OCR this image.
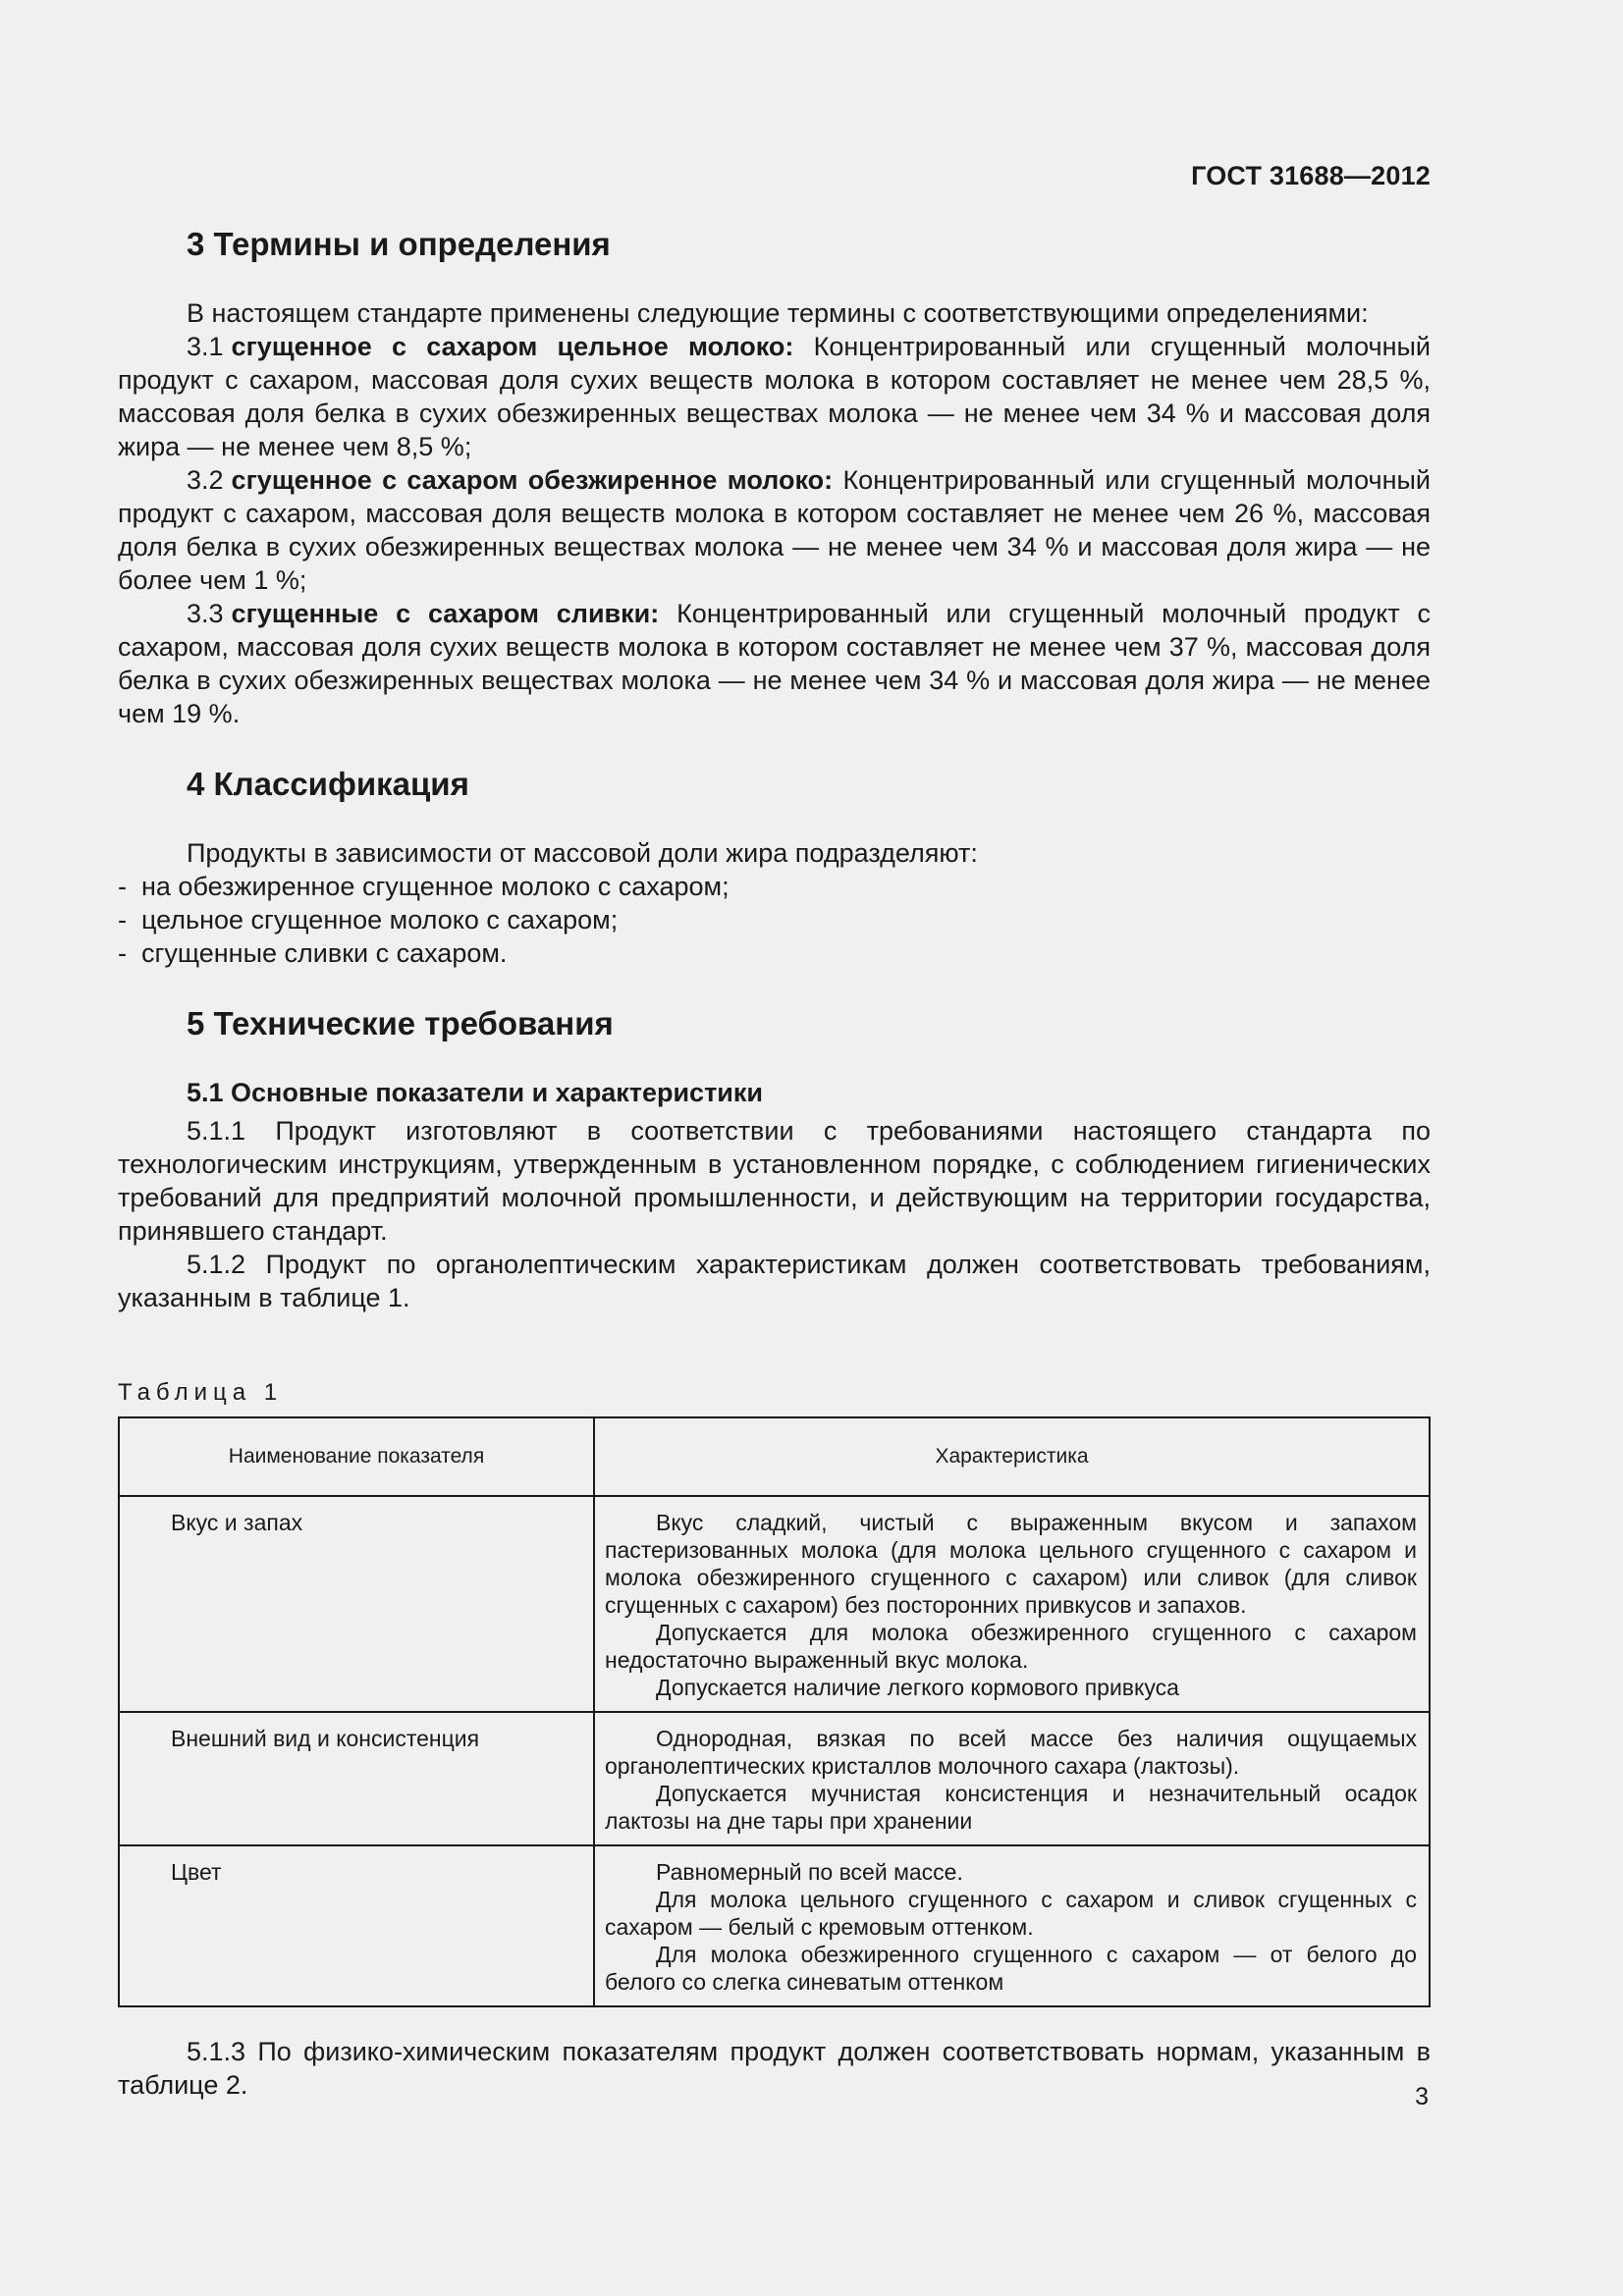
ГОСТ 31688—2012
3 Термины и определения

В настоящем стандарте применены следующие термины с соответствующими определениями:

3.1 сгущенное с сахаром цельное молоко: Концентрированный или сгущенный молочный продукт с сахаром, массовая доля сухих веществ молока в котором составляет не менее чем 28,5 %, массовая доля белка в сухих обезжиренных веществах молока — не менее чем 34 % и массовая доля жира — не менее чем 8,5 %;

3.2 сгущенное с сахаром обезжиренное молоко: Концентрированный или сгущенный молочный продукт с сахаром, массовая доля веществ молока в котором составляет не менее чем 26 %, массовая доля белка в сухих обезжиренных веществах молока — не менее чем 34 % и массовая доля жира — не более чем 1 %;

3.3 сгущенные с сахаром сливки: Концентрированный или сгущенный молочный продукт с сахаром, массовая доля сухих веществ молока в котором составляет не менее чем 37 %, массовая доля белка в сухих обезжиренных веществах молока — не менее чем 34 % и массовая доля жира — не менее чем 19 %.

4 Классификация

Продукты в зависимости от массовой доли жира подразделяют:

- на обезжиренное сгущенное молоко с сахаром;
- цельное сгущенное молоко с сахаром;
- сгущенные сливки с сахаром.
5 Технические требования
5.1 Основные показатели и характеристики

5.1.1 Продукт изготовляют в соответствии с требованиями настоящего стандарта по технологическим инструкциям, утвержденным в установленном порядке, с соблюдением гигиенических требований для предприятий молочной промышленности, и действующим на территории государства, принявшего стандарт.

5.1.2 Продукт по органолептическим характеристикам должен соответствовать требованиям, указанным в таблице 1.

Таблица 1
Наименование показателя	Характеристика
Вкус и запах	Вкус сладкий, чистый с выраженным вкусом и запахом пастеризованных молока (для молока цельного сгущенного с сахаром и молока обезжиренного сгущенного с сахаром) или сливок (для сливок сгущенных с сахаром) без посторонних привкусов и запахов.
Допускается для молока обезжиренного сгущенного с сахаром недостаточно выраженный вкус молока.
Допускается наличие легкого кормового привкуса

Внешний вид и консистенция	Однородная, вязкая по всей массе без наличия ощущаемых органолептических кристаллов молочного сахара (лактозы).
Допускается мучнистая консистенция и незначительный осадок лактозы на дне тары при хранении

Цвет	Равномерный по всей массе.
Для молока цельного сгущенного с сахаром и сливок сгущенных с сахаром — белый с кремовым оттенком.
Для молока обезжиренного сгущенного с сахаром — от белого до белого со слегка синеватым оттенком

5.1.3 По физико-химическим показателям продукт должен соответствовать нормам, указанным в таблице 2.	3
